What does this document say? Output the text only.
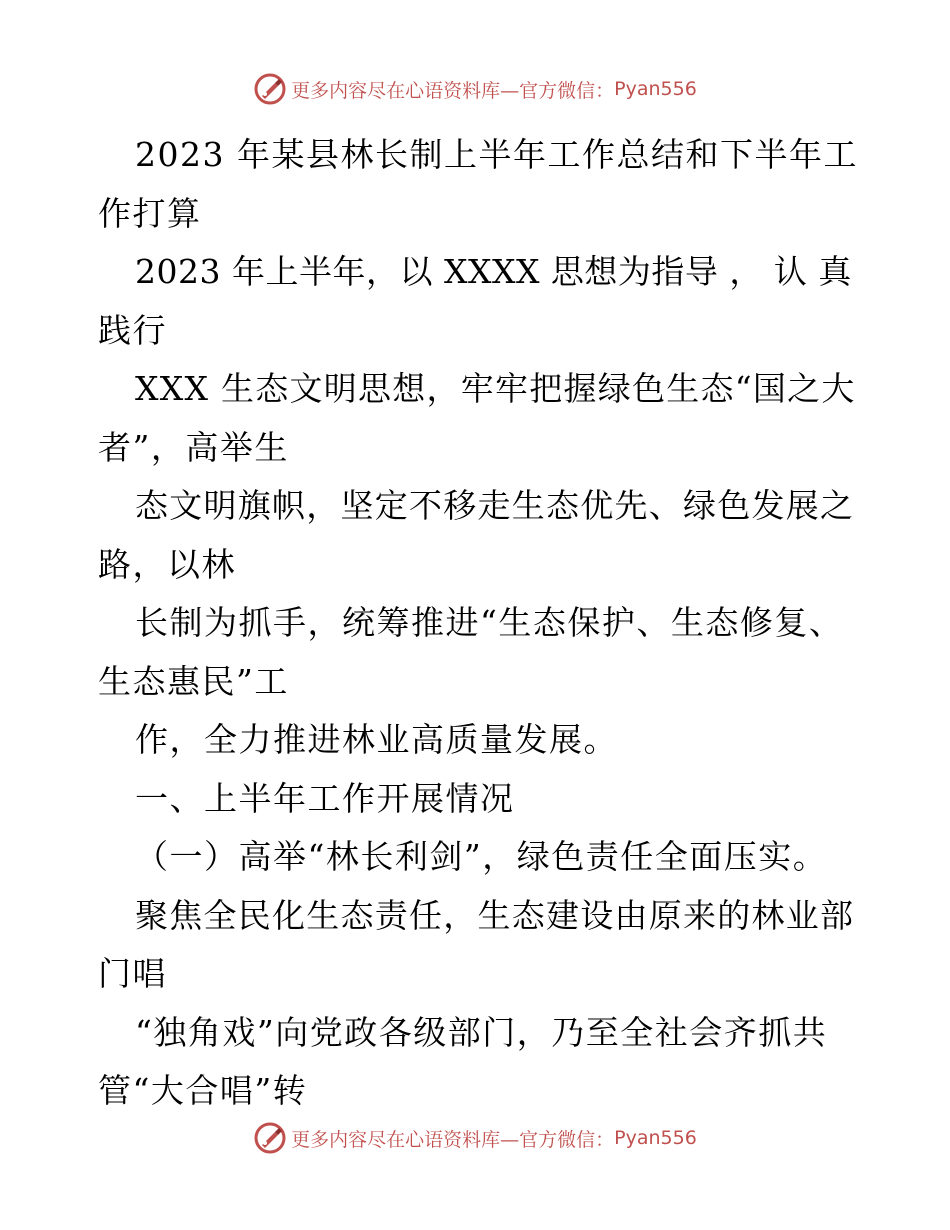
更多内容尽在心语资料库—官方微信： Pyan556
2023 年某县林长制上半年工作总结和下半年工
作打算
2023 年上半年，以 XXXX 思想为指导 ， 认 真
践行
XXX 生态文明思想，牢牢把握绿色生态“国之大
者”，高举生
态文明旗帜，坚定不移走生态优先、绿色发展之
路，以林
长制为抓手，统筹推进“生态保护、生态修复、
生态惠民”工
作，全力推进林业高质量发展。
一、上半年工作开展情况
（一）高举“林长利剑”，绿色责任全面压实。
聚焦全民化生态责任，生态建设由原来的林业部
门唱
“独角戏”向党政各级部门，乃至全社会齐抓共
管“大合唱”转
更多内容尽在心语资料库—官方微信： Pyan556
